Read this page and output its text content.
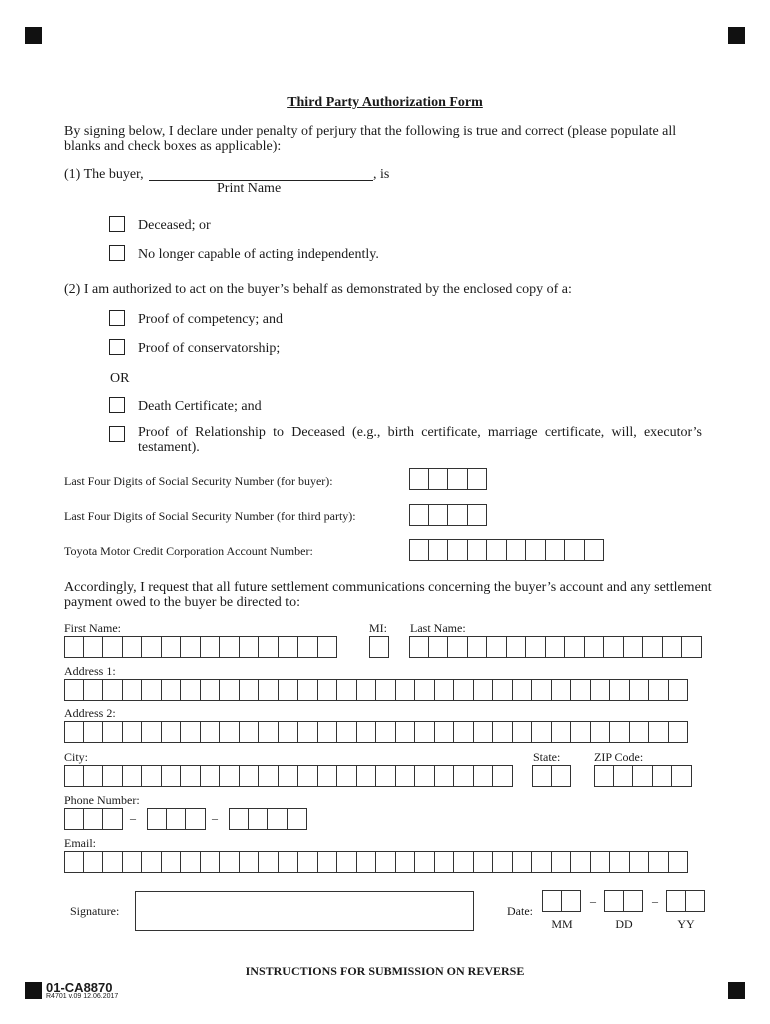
Third Party Authorization Form
By signing below, I declare under penalty of perjury that the following is true and correct (please populate all blanks and check boxes as applicable):
(1) The buyer,	, is
Print Name
Deceased; or
No longer capable of acting independently.
(2) I am authorized to act on the buyer’s behalf as demonstrated by the enclosed copy of a:
Proof of competency; and
Proof of conservatorship;
OR
Death Certificate; and
Proof of Relationship to Deceased (e.g., birth certificate, marriage certificate, will, executor’s testament).
Last Four Digits of Social Security Number (for buyer):
Last Four Digits of Social Security Number (for third party):
Toyota Motor Credit Corporation Account Number:
Accordingly, I request that all future settlement communications concerning the buyer’s account and any settlement payment owed to the buyer be directed to:
First Name:	MI: Last Name:
Address 1:
Address 2:
City:	State:	ZIP Code:
Phone Number:
–	–
Email:
Signature:	Date:
–	–
MM	DD	YY
INSTRUCTIONS FOR SUBMISSION ON REVERSE
01-CA8870
R4701 v.09 12.06.2017
